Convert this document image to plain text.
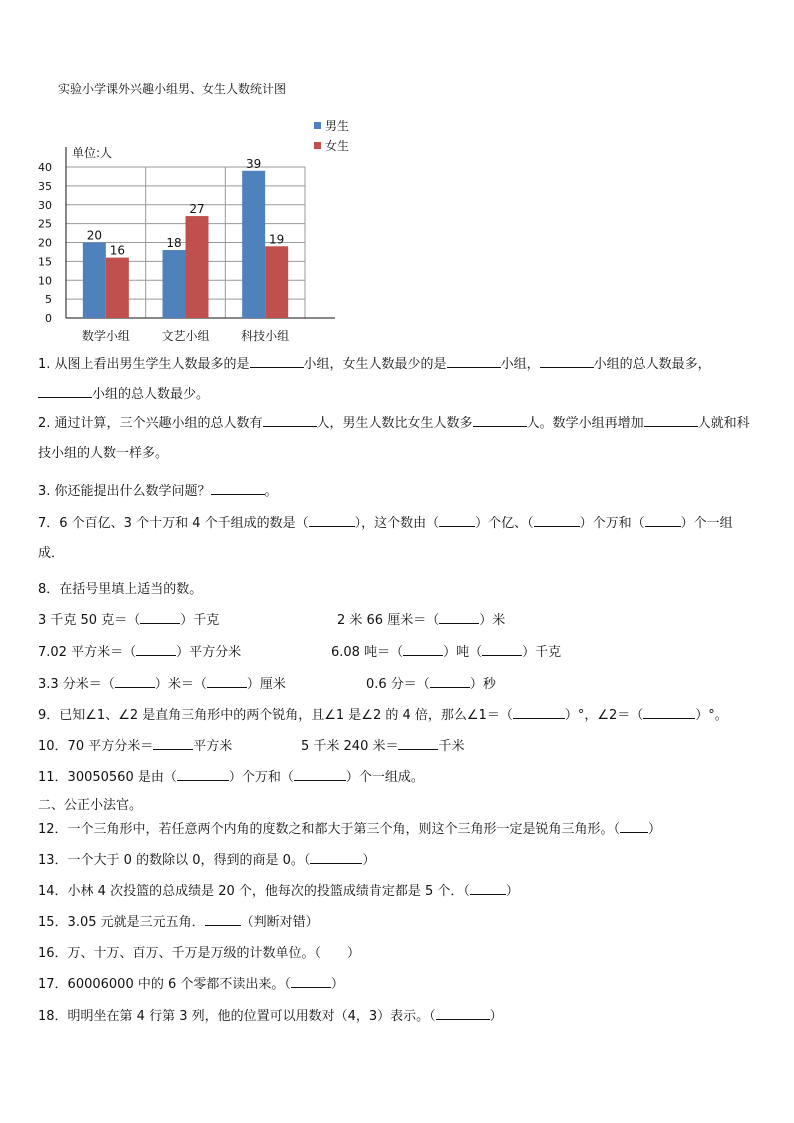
实验小学课外兴趣小组男、女生人数统计图
0
5
10
15
20
25
30
35
40
20
16
数学小组
18
27
文艺小组
39
19
科技小组
男生
女生
单位:人
1. 从图上看出男生学生人数最多的是	小组，女生人数最少的是	小组，	小组的总人数最多，小组的总人数最少。
2. 通过计算，三个兴趣小组的总人数有	人，男生人数比女生人数多	人。数学小组再增加	人就和科技小组的人数一样多。
3. 你还能提出什么数学问题？	。
7．6 个百亿、3 个十万和 4 个千组成的数是（	），这个数由（	）个亿、（	）个万和（	）个一组成．
8．在括号里填上适当的数。
3 千克 50 克＝（	）千克	2 米 66 厘米＝（	）米
7.02 平方米＝（	）平方分米	6.08 吨＝（	）吨（	）千克
3.3 分米＝（	）米＝（	）厘米	0.6 分＝（	）秒
9．已知∠1、∠2 是直角三角形中的两个锐角，且∠1 是∠2 的 4 倍，那么∠1＝（	）°，∠2＝（	）°。
10．70 平方分米＝	平方米	5 千米 240 米＝	千米
11．30050560 是由（	）个万和（	）个一组成。
二、公正小法官。
12．一个三角形中，若任意两个内角的度数之和都大于第三个角，则这个三角形一定是锐角三角形。（ ）
13．一个大于 0 的数除以 0，得到的商是 0。（	）
14．小林 4 次投篮的总成绩是 20 个，他每次的投篮成绩肯定都是 5 个．（	）
15．3.05 元就是三元五角．	（判断对错）
16．万、十万、百万、千万是万级的计数单位。（　　）
17．60006000 中的 6 个零都不读出来。（	）
18．明明坐在第 4 行第 3 列，他的位置可以用数对（4，3）表示。（	）
